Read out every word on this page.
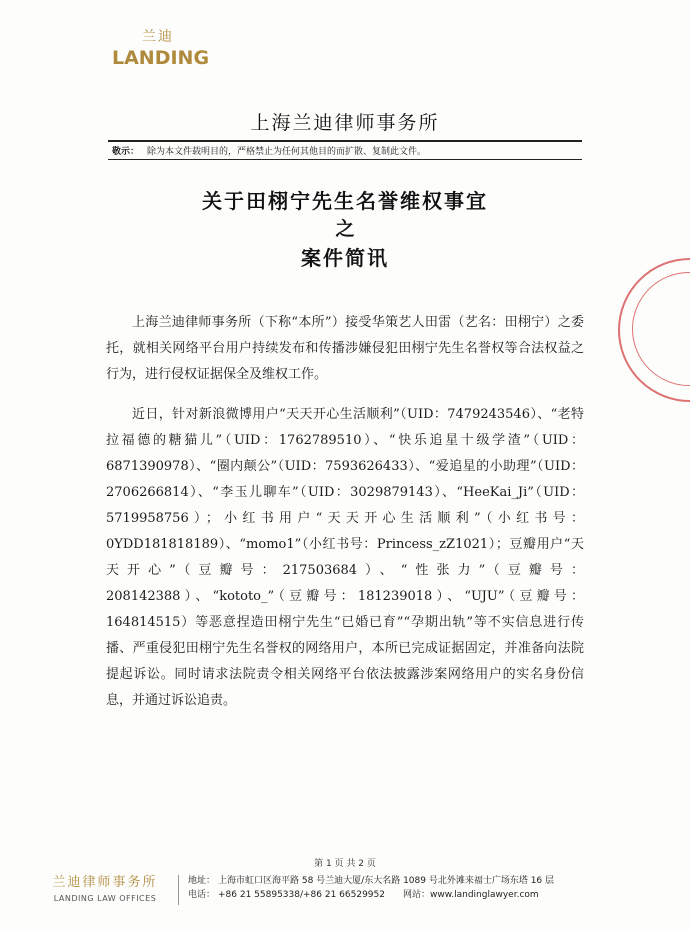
兰迪
LANDING
上海兰迪律师事务所
敬示： 除为本文件载明目的，严格禁止为任何其他目的而扩散、复制此文件。
关于田栩宁先生名誉维权事宜
之
案件简讯
上海兰迪律师事务所（下称“本所”）接受华策艺人田雷（艺名：田栩宁）之委托，就相关网络平台用户持续发布和传播涉嫌侵犯田栩宁先生名誉权等合法权益之行为，进行侵权证据保全及维权工作。
近日，针对新浪微博用户“天天开心生活顺利”（UID：7479243546）、“老特拉福德的糖猫儿”（UID：1762789510）、“快乐追星十级学渣”（UID：6871390978）、“圈内颠公”（UID：7593626433）、“爱追星的小助理”（UID：2706266814）、“李玉儿聊车”（UID：3029879143）、“HeeKai_Ji”（UID：5719958756）；小红书用户“天天开心生活顺利”（小红书号：0YDD181818189）、“momo1”（小红书号：Princess_zZ1021）；豆瓣用户“天天开心”（豆瓣号：217503684）、“性张力”（豆瓣号：208142388）、“kototo_”（豆瓣号：181239018）、“UJU”（豆瓣号：164814515）等恶意捏造田栩宁先生“已婚已育”“孕期出轨”等不实信息进行传播、严重侵犯田栩宁先生名誉权的网络用户，本所已完成证据固定，并准备向法院提起诉讼。同时请求法院责令相关网络平台依法披露涉案网络用户的实名身份信息，并通过诉讼追责。
第 1 页 共 2 页
兰迪律师事务所
LANDING LAW OFFICES
地址： 上海市虹口区海平路 58 号兰迪大厦/东大名路 1089 号北外滩来福士广场东塔 16 层
电话： +86 21 55895338/+86 21 66529952 网站：www.landinglawyer.com
